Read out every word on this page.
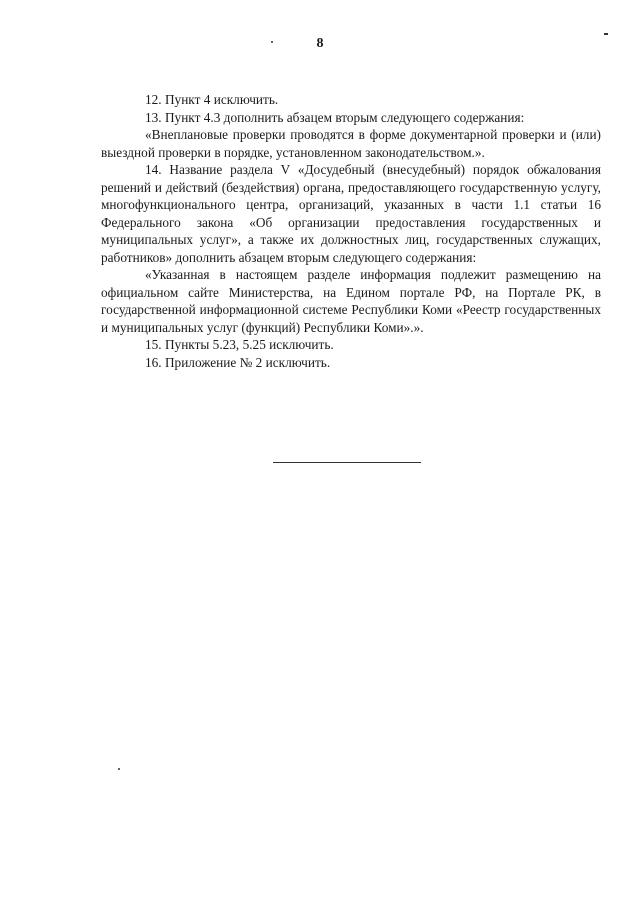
8

12. Пункт 4 исключить.

13. Пункт 4.3 дополнить абзацем вторым следующего содержания:

«Внеплановые проверки проводятся в форме документарной проверки и (или) выездной проверки в порядке, установленном законодательством.».

14. Название раздела V «Досудебный (внесудебный) порядок обжалования решений и действий (бездействия) органа, предоставляющего государственную услугу, многофункционального центра, организаций, указанных в части 1.1 статьи 16 Федерального закона «Об организации предоставления государственных и муниципальных услуг», а также их должностных лиц, государственных служащих, работников» дополнить абзацем вторым следующего содержания:

«Указанная в настоящем разделе информация подлежит размещению на официальном сайте Министерства, на Едином портале РФ, на Портале РК, в государственной информационной системе Республики Коми «Реестр государственных и муниципальных услуг (функций) Республики Коми».».

15. Пункты 5.23, 5.25 исключить.

16. Приложение № 2 исключить.
